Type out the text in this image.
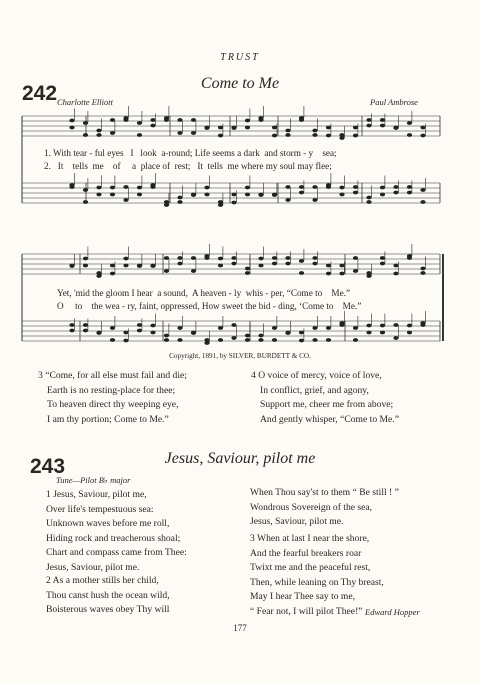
TRUST
242	Come to Me
Charlotte Elliott	Paul Ambrose
1. With tear - ful eyes   I   look  a-round; Life seems a dark  and storm - y    sea;
2.   It    tells  me    of     a  place of  rest;   It  tells  me where my soul may flee;
Yet, 'mid the gloom I hear  a sound,  A heaven - ly  whis - per, “Come to    Me.”
O     to    the wea - ry, faint, oppressed, How sweet the bid - ding, ‘Come to    Me.”
Copyright, 1891, by SILVER, BURDETT & CO.
3 “Come, for all else must fail and die;
Earth is no resting-place for thee;
To heaven direct thy weeping eye,
I am thy portion; Come to Me.”
4 O voice of mercy, voice of love,
In conflict, grief, and agony,
Support me, cheer me from above;
And gently whisper, “Come to Me.”
243	Jesus, Saviour, pilot me
Tune—Pilot B♭ major
1 Jesus, Saviour, pilot me,
Over life's tempestuous sea:
Unknown waves before me roll,
Hiding rock and treacherous shoal;
Chart and compass came from Thee:
Jesus, Saviour, pilot me.
2 As a mother stills her child,
Thou canst hush the ocean wild,
Boisterous waves obey Thy will
When Thou say'st to them “ Be still ! ”
Wondrous Sovereign of the sea,
Jesus, Saviour, pilot me.
3 When at last I near the shore,
And the fearful breakers roar
Twixt me and the peaceful rest,
Then, while leaning on Thy breast,
May I hear Thee say to me,
“ Fear not, I will pilot Thee!” Edward Hopper
177
